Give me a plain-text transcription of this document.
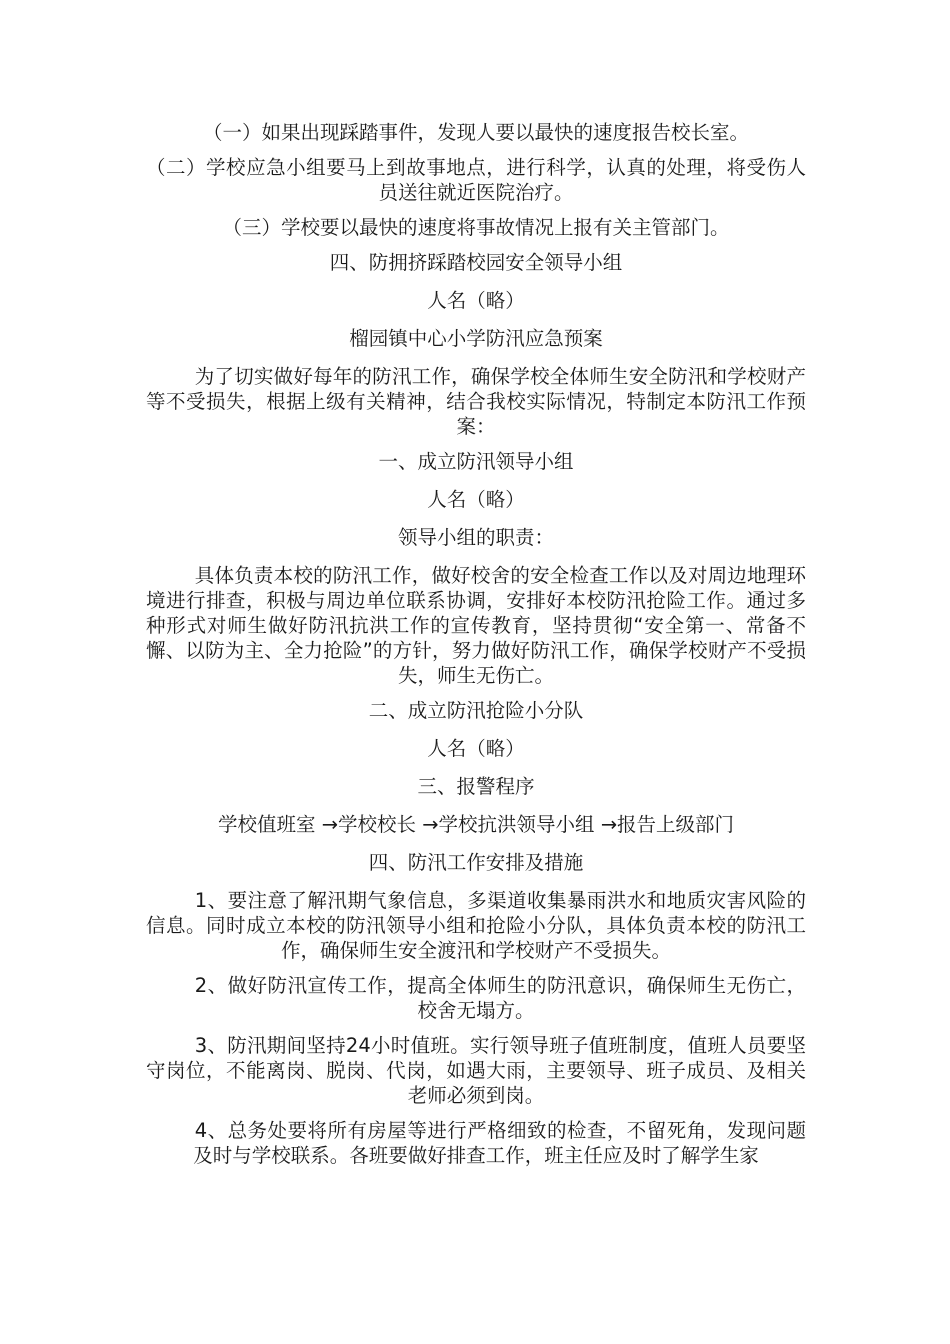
（一）如果出现踩踏事件，发现人要以最快的速度报告校长室。

（二）学校应急小组要马上到故事地点，进行科学，认真的处理，将受伤人员送往就近医院治疗。

（三）学校要以最快的速度将事故情况上报有关主管部门。

四、防拥挤踩踏校园安全领导小组

人名（略）

榴园镇中心小学防汛应急预案

为了切实做好每年的防汛工作，确保学校全体师生安全防汛和学校财产等不受损失，根据上级有关精神，结合我校实际情况，特制定本防汛工作预案：

一、成立防汛领导小组

人名（略）

领导小组的职责：

具体负责本校的防汛工作，做好校舍的安全检查工作以及对周边地理环境进行排查，积极与周边单位联系协调，安排好本校防汛抢险工作。通过多种形式对师生做好防汛抗洪工作的宣传教育，坚持贯彻“安全第一、常备不懈、以防为主、全力抢险”的方针，努力做好防汛工作，确保学校财产不受损失，师生无伤亡。

二、成立防汛抢险小分队

人名（略）

三、报警程序

学校值班室 →学校校长 →学校抗洪领导小组 →报告上级部门

四、防汛工作安排及措施

1、要注意了解汛期气象信息，多渠道收集暴雨洪水和地质灾害风险的信息。同时成立本校的防汛领导小组和抢险小分队，具体负责本校的防汛工作，确保师生安全渡汛和学校财产不受损失。

2、做好防汛宣传工作，提高全体师生的防汛意识，确保师生无伤亡，校舍无塌方。

3、防汛期间坚持24小时值班。实行领导班子值班制度，值班人员要坚守岗位，不能离岗、脱岗、代岗，如遇大雨，主要领导、班子成员、及相关老师必须到岗。

4、总务处要将所有房屋等进行严格细致的检查，不留死角，发现问题及时与学校联系。各班要做好排查工作，班主任应及时了解学生家
